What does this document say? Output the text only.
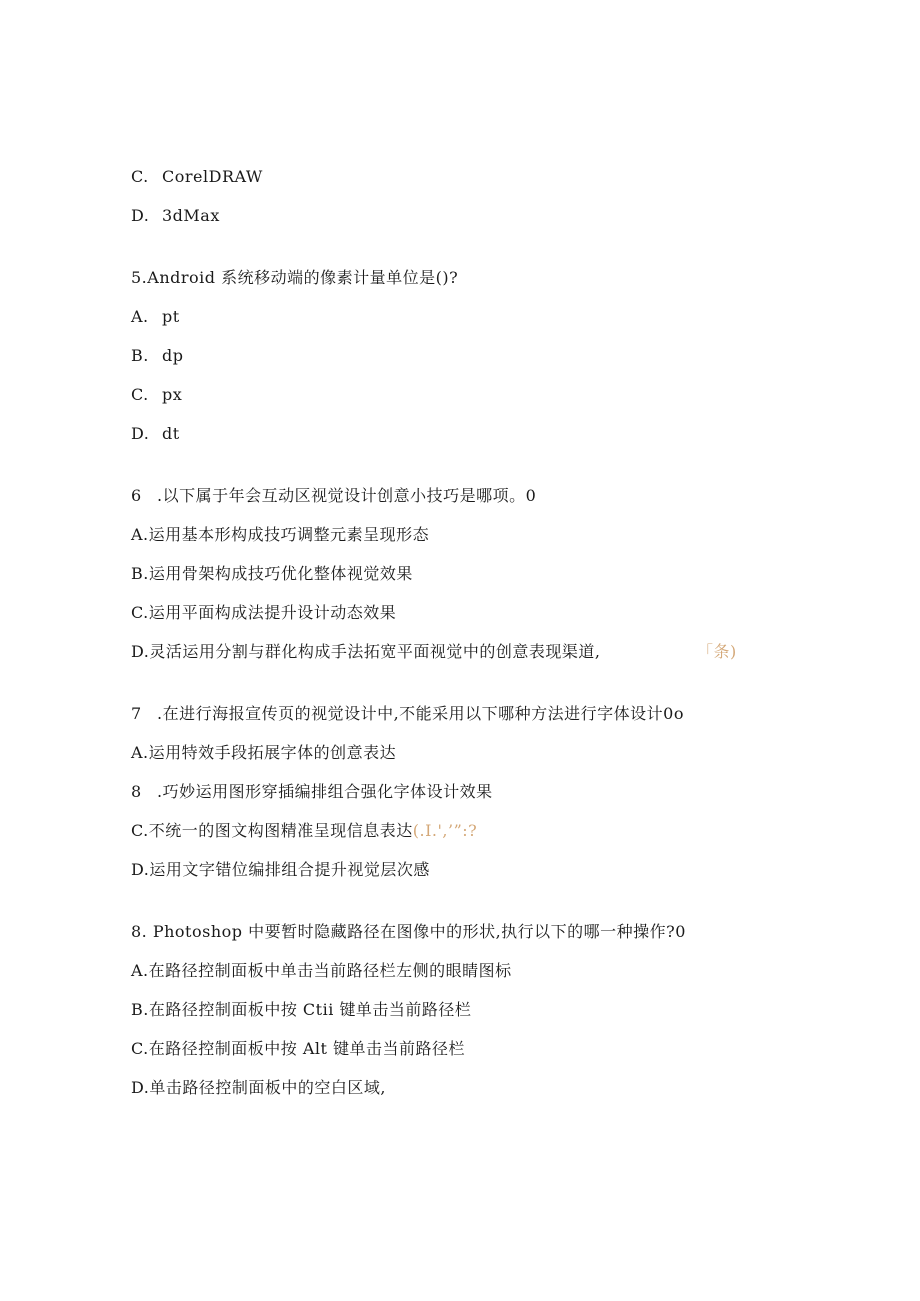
C. CorelDRAW
D. 3dMax
5.Android 系统移动端的像素计量单位是()?
A. pt
B. dp
C. px
D. dt
6 .以下属于年会互动区视觉设计创意小技巧是哪项。0
A.运用基本形构成技巧调整元素呈现形态
B.运用骨架构成技巧优化整体视觉效果
C.运用平面构成法提升设计动态效果
D.灵活运用分割与群化构成手法拓宽平面视觉中的创意表现渠道,	「条)
7 .在进行海报宣传页的视觉设计中,不能采用以下哪种方法进行字体设计0o
A.运用特效手段拓展字体的创意表达
8 .巧妙运用图形穿插编排组合强化字体设计效果
C.不统一的图文构图精准呈现信息表达(.I.',’”:?
D.运用文字错位编排组合提升视觉层次感
8. Photoshop 中要暂时隐藏路径在图像中的形状,执行以下的哪一种操作?0
A.在路径控制面板中单击当前路径栏左侧的眼睛图标
B.在路径控制面板中按 Ctii 键单击当前路径栏
C.在路径控制面板中按 Alt 键单击当前路径栏
D.单击路径控制面板中的空白区域,
